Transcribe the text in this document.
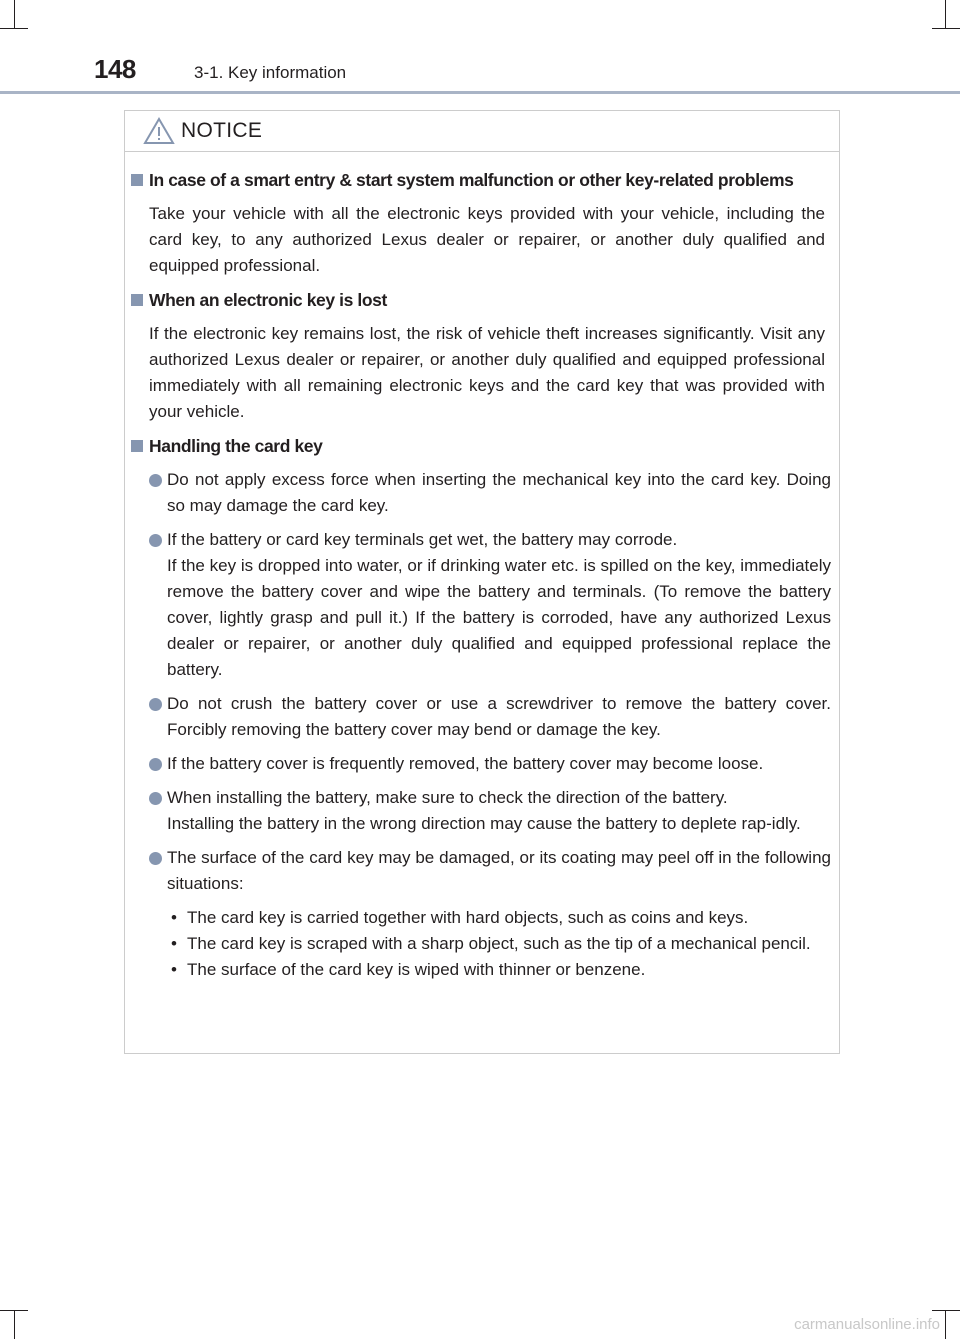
148	3-1. Key information
NOTICE
In case of a smart entry & start system malfunction or other key-related problems
Take your vehicle with all the electronic keys provided with your vehicle, including the card key, to any authorized Lexus dealer or repairer, or another duly qualified and equipped professional.
When an electronic key is lost
If the electronic key remains lost, the risk of vehicle theft increases significantly. Visit any authorized Lexus dealer or repairer, or another duly qualified and equipped professional immediately with all remaining electronic keys and the card key that was provided with your vehicle.
Handling the card key
Do not apply excess force when inserting the mechanical key into the card key. Doing so may damage the card key.
If the battery or card key terminals get wet, the battery may corrode.
If the key is dropped into water, or if drinking water etc. is spilled on the key, immediately remove the battery cover and wipe the battery and terminals. (To remove the battery cover, lightly grasp and pull it.) If the battery is corroded, have any authorized Lexus dealer or repairer, or another duly qualified and equipped professional replace the battery.
Do not crush the battery cover or use a screwdriver to remove the battery cover. Forcibly removing the battery cover may bend or damage the key.
If the battery cover is frequently removed, the battery cover may become loose.
When installing the battery, make sure to check the direction of the battery.
Installing the battery in the wrong direction may cause the battery to deplete rap-idly.
The surface of the card key may be damaged, or its coating may peel off in the following situations:
• The card key is carried together with hard objects, such as coins and keys.
• The card key is scraped with a sharp object, such as the tip of a mechanical pencil.
• The surface of the card key is wiped with thinner or benzene.
carmanualsonline.info
